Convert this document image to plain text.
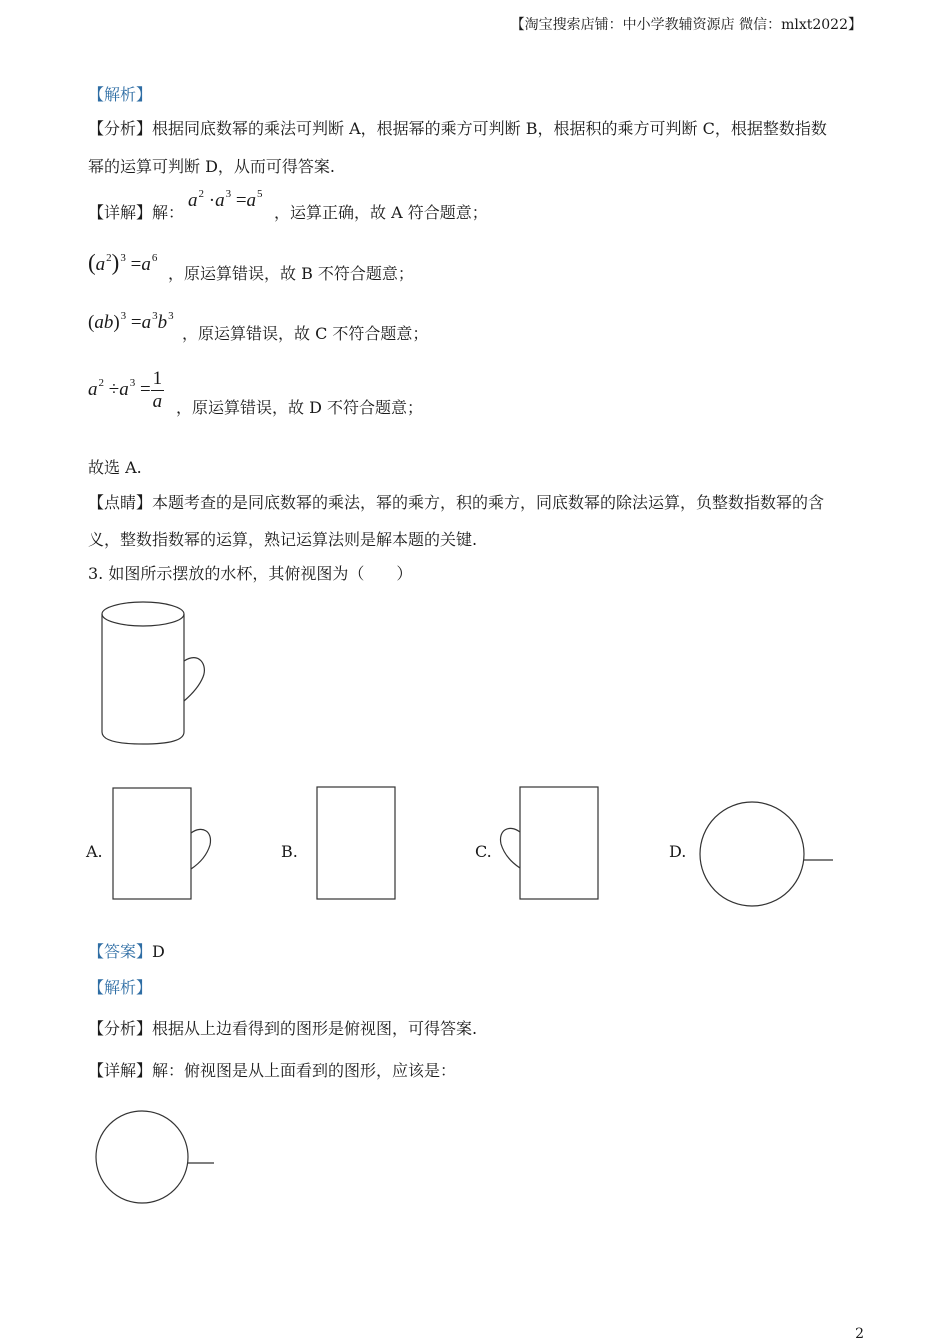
【淘宝搜索店铺：中小学教辅资源店 微信：mlxt2022】
【解析】
【分析】根据同底数幂的乘法可判断 A，根据幂的乘方可判断 B，根据积的乘方可判断 C，根据整数指数
幂的运算可判断 D，从而可得答案.
【详解】解：
$a^2 \cdot a^3 =a^5$
，运算正确，故 A 符合题意；
$(a^2)^3 =a^6$
，原运算错误，故 B 不符合题意；
$(ab)^3 =a^3b^3$
，原运算错误，故 C 不符合题意；
$a^2 \div a^3 = \frac{1}{a}$ ，原运算错误，故 D 不符合题意；
故选 A.
【点睛】本题考查的是同底数幂的乘法，幂的乘方，积的乘方，同底数幂的除法运算，负整数指数幂的含
义，整数指数幂的运算，熟记运算法则是解本题的关键.
3. 如图所示摆放的水杯，其俯视图为（　　）
A.	B.	C.	D.
【答案】D
【解析】
【分析】根据从上边看得到的图形是俯视图，可得答案.
【详解】解：俯视图是从上面看到的图形，应该是：
2
